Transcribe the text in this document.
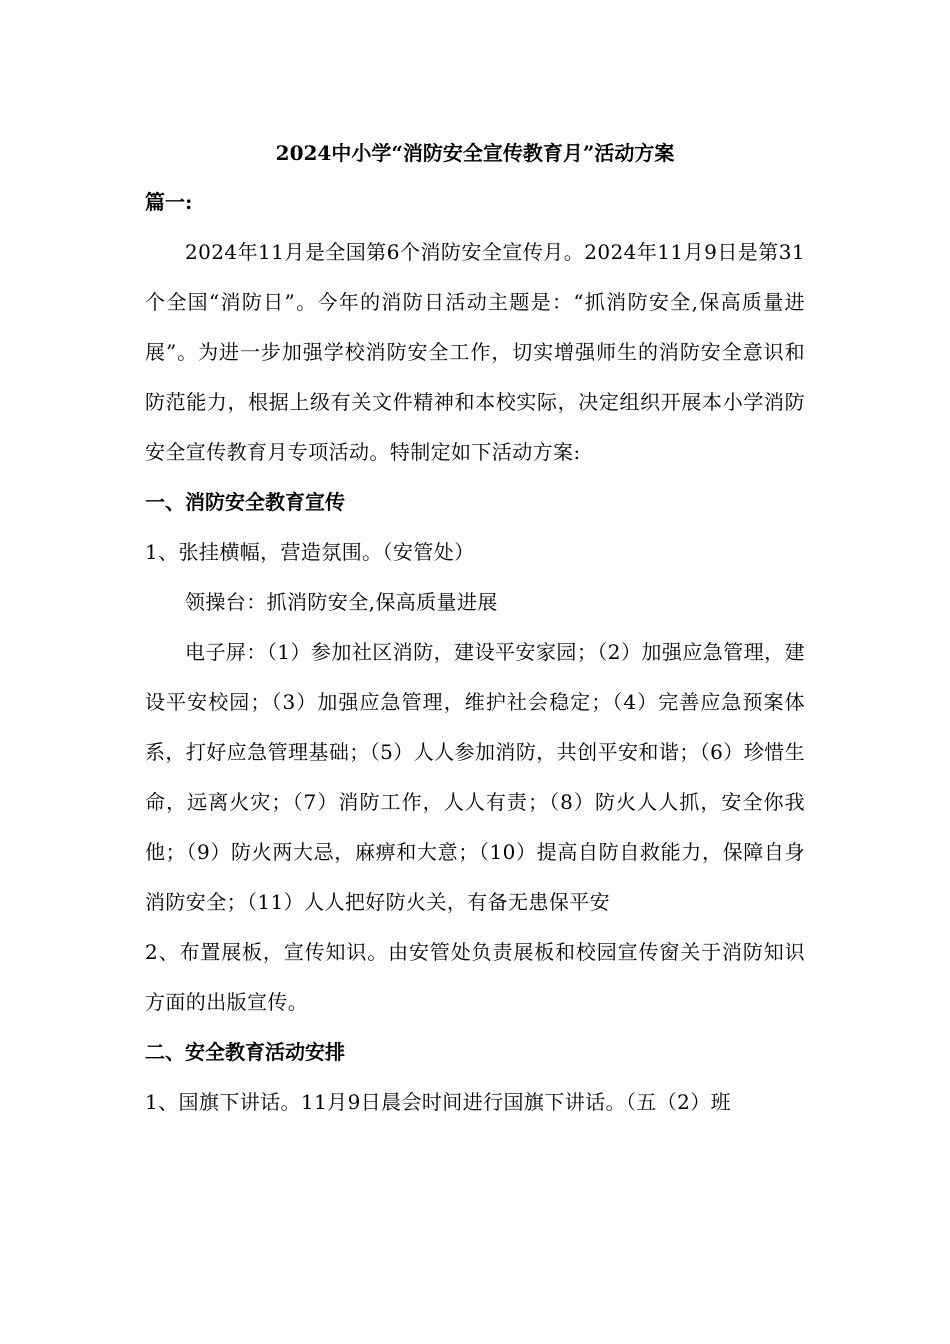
2024中小学“消防安全宣传教育月”活动方案

篇一:

2024年11月是全国第6个消防安全宣传月。2024年11月9日是第31个全国“消防日”。今年的消防日活动主题是：“抓消防安全,保高质量进展”。为进一步加强学校消防安全工作，切实增强师生的消防安全意识和防范能力，根据上级有关文件精神和本校实际，决定组织开展本小学消防安全宣传教育月专项活动。特制定如下活动方案:

一、消防安全教育宣传

1、张挂横幅，营造氛围。（安管处）

领操台：抓消防安全,保高质量进展

电子屏：（1）参加社区消防，建设平安家园；（2）加强应急管理，建设平安校园；（3）加强应急管理，维护社会稳定；（4）完善应急预案体系，打好应急管理基础；（5）人人参加消防，共创平安和谐；（6）珍惜生命，远离火灾；（7）消防工作，人人有责；（8）防火人人抓，安全你我他；（9）防火两大忌，麻痹和大意；（10）提高自防自救能力，保障自身消防安全；（11）人人把好防火关，有备无患保平安

2、布置展板，宣传知识。由安管处负责展板和校园宣传窗关于消防知识方面的出版宣传。

二、安全教育活动安排

1、国旗下讲话。11月9日晨会时间进行国旗下讲话。（五（2）班
